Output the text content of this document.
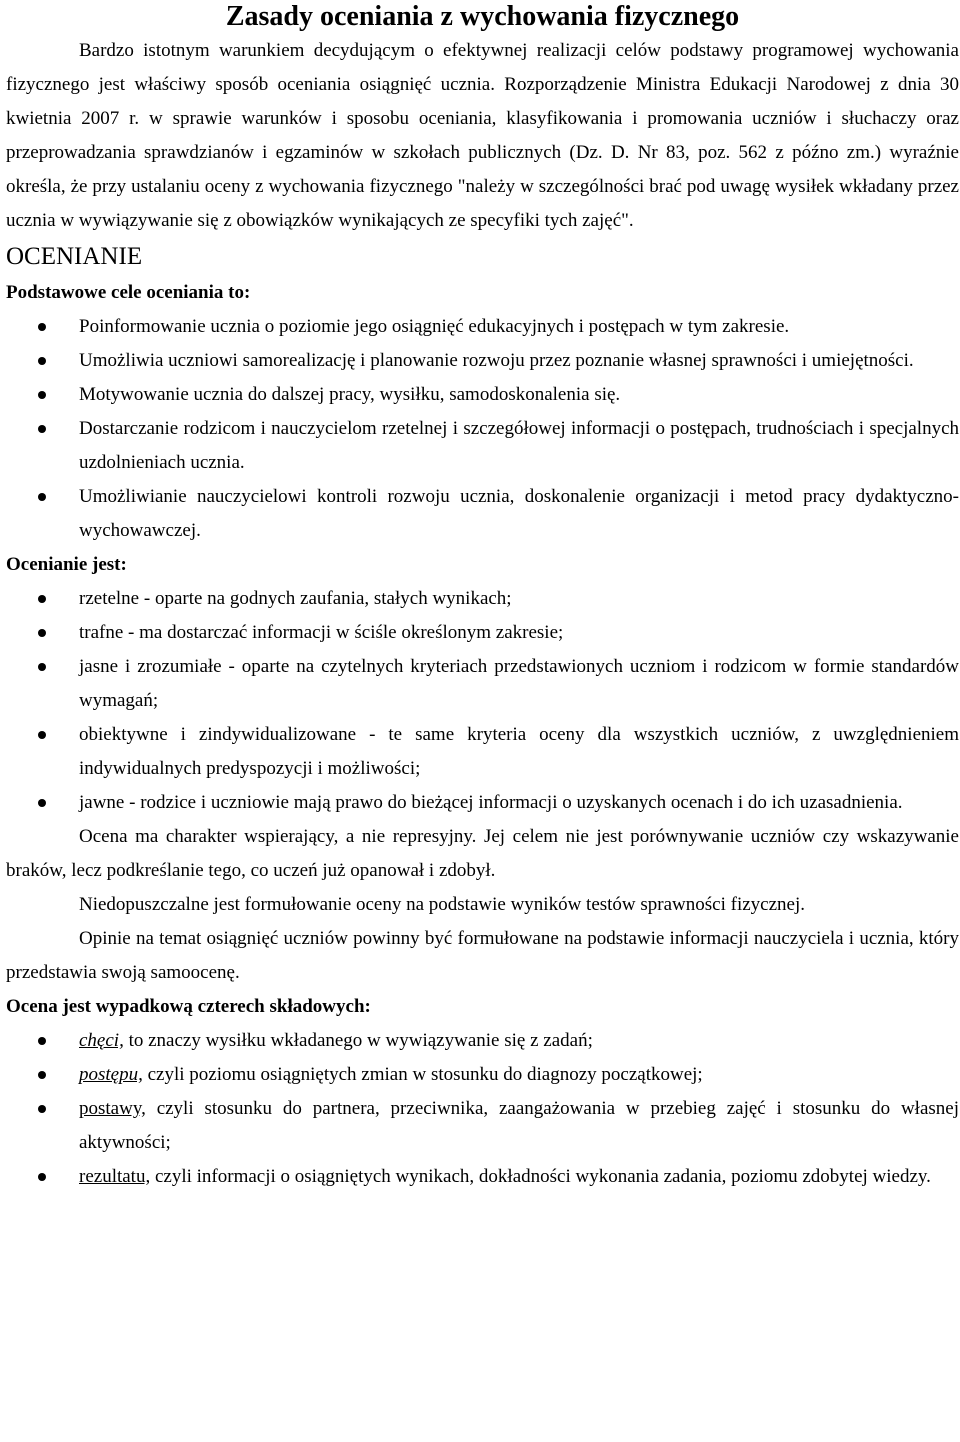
Zasady oceniania z wychowania fizycznego

Bardzo istotnym warunkiem decydującym o efektywnej realizacji celów podstawy programowej wychowania fizycznego jest właściwy sposób oceniania osiągnięć ucznia. Rozporządzenie Ministra Edukacji Narodowej z dnia 30 kwietnia 2007 r. w sprawie warunków i sposobu oceniania, klasyfikowania i promowania uczniów i słuchaczy oraz przeprowadzania sprawdzianów i egzaminów w szkołach publicznych (Dz. D. Nr 83, poz. 562 z późno zm.) wyraźnie określa, że przy ustalaniu oceny z wychowania fizycznego "należy w szczególności brać pod uwagę wysiłek wkładany przez ucznia w wywiązywanie się z obowiązków wynikających ze specyfiki tych zajęć".

OCENIANIE
Podstawowe cele oceniania to:
Poinformowanie ucznia o poziomie jego osiągnięć edukacyjnych i postępach w tym zakresie.
Umożliwia uczniowi samorealizację i planowanie rozwoju przez poznanie własnej sprawności i umiejętności.
Motywowanie ucznia do dalszej pracy, wysiłku, samodoskonalenia się.
Dostarczanie rodzicom i nauczycielom rzetelnej i szczegółowej informacji o postępach, trudnościach i specjalnych uzdolnieniach ucznia.
Umożliwianie nauczycielowi kontroli rozwoju ucznia, doskonalenie organizacji i metod pracy dydaktyczno-wychowawczej.
Ocenianie jest:
rzetelne - oparte na godnych zaufania, stałych wynikach;
trafne - ma dostarczać informacji w ściśle określonym zakresie;
jasne i zrozumiałe - oparte na czytelnych kryteriach przedstawionych uczniom i rodzicom w formie standardów wymagań;
obiektywne i zindywidualizowane - te same kryteria oceny dla wszystkich uczniów, z uwzględnieniem indywidualnych predyspozycji i możliwości;
jawne - rodzice i uczniowie mają prawo do bieżącej informacji o uzyskanych ocenach i do ich uzasadnienia.

Ocena ma charakter wspierający, a nie represyjny. Jej celem nie jest porównywanie uczniów czy wskazywanie braków, lecz podkreślanie tego, co uczeń już opanował i zdobył.

Niedopuszczalne jest formułowanie oceny na podstawie wyników testów sprawności fizycznej.

Opinie na temat osiągnięć uczniów powinny być formułowane na podstawie informacji nauczyciela i ucznia, który przedstawia swoją samoocenę.

Ocena jest wypadkową czterech składowych:
chęci, to znaczy wysiłku wkładanego w wywiązywanie się z zadań;
postępu, czyli poziomu osiągniętych zmian w stosunku do diagnozy początkowej;
postawy, czyli stosunku do partnera, przeciwnika, zaangażowania w przebieg zajęć i stosunku do własnej aktywności;
rezultatu, czyli informacji o osiągniętych wynikach, dokładności wykonania zadania, poziomu zdobytej wiedzy.
